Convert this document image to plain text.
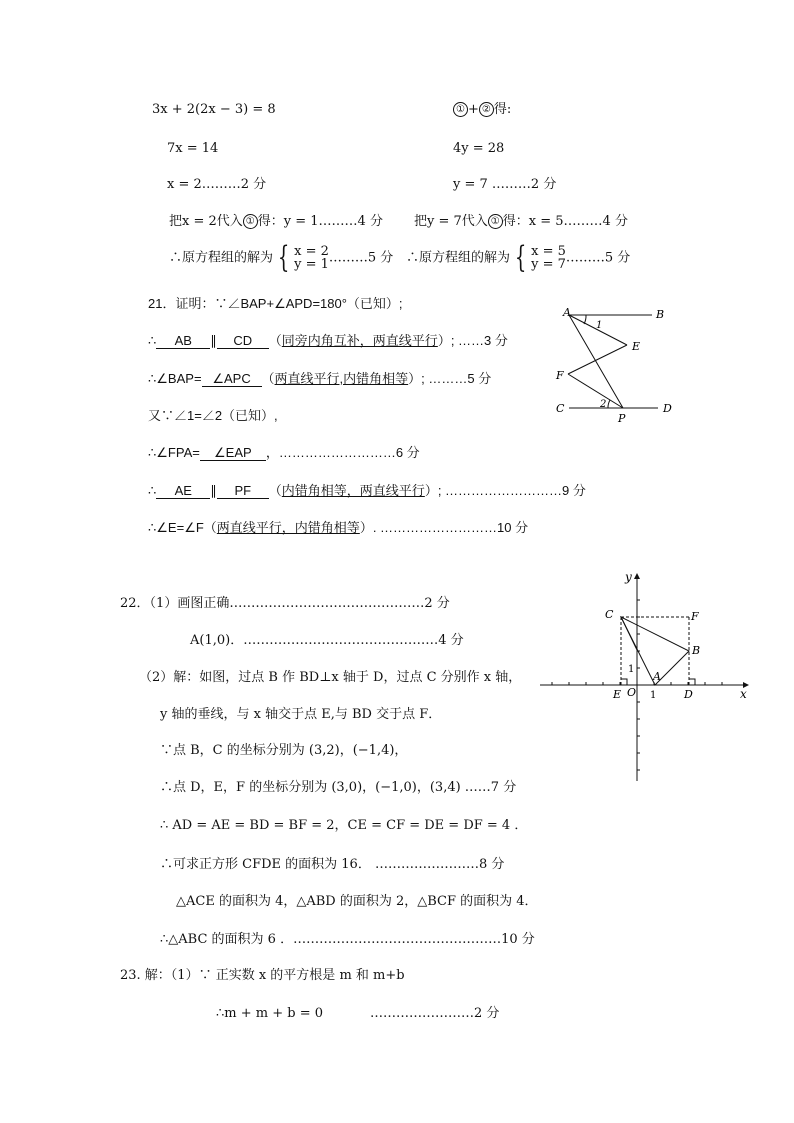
3x + 2(2x − 3) = 8
7x = 14
x = 2………2 分
① + ② 得:
4y = 28
y = 7 ………2 分
把x = 2代入 ① 得：y = 1………4 分 把y = 7代入 ① 得：x = 5………4 分
∴原方程组的解为 { x = 2
y = 1………5 分 ∴原方程组的解为 { x = 5
y = 7………5 分
21．证明：∵∠BAP+∠APD=180°（已知）;
∴ AB ∥ CD （同旁内角互补，两直线平行）; ……3 分
∴∠BAP= ∠APC （两直线平行,内错角相等）; ………5 分
又∵∠1=∠2（已知）,
∴∠FPA= ∠EAP ，………………………6 分
∴ AE ∥ PF （内错角相等，两直线平行）; ………………………9 分
∴∠E=∠F（两直线平行，内错角相等）. ………………………10 分
A	B
E
F
C	D
P
1
2
22．（1）画图正确………………………………………2 分
A(1,0)．………………………………………4 分
（2）解：如图，过点 B 作 BD⊥x 轴于 D，过点 C 分别作 x 轴，
y 轴的垂线，与 x 轴交于点 E,与 BD 交于点 F．
∵点 B，C 的坐标分别为 (3,2)，(−1,4)，
∴点 D，E，F 的坐标分别为 (3,0)，(−1,0)，(3,4) ……7 分
∴ AD = AE = BD = BF = 2，CE = CF = DE = DF = 4 ．
∴可求正方形 CFDE 的面积为 16． ……………………8 分
△ACE 的面积为 4，△ABD 的面积为 2，△BCF 的面积为 4．
∴△ABC 的面积为 6 ．…………………………………………10 分
y
x
C	F
B
A
E O	D
1
1
23. 解：（1）∵ 正实数 x 的平方根是 m 和 m+b
∴m + m + b = 0	……………………2 分
